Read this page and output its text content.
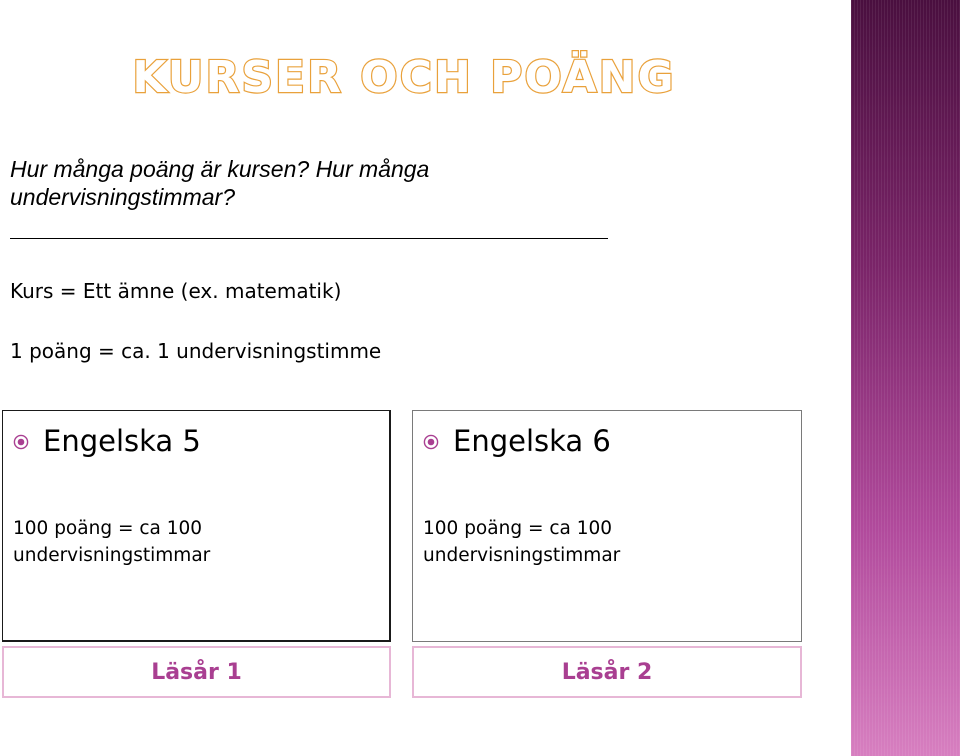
KURSER OCH POÄNG

Hur många poäng är kursen? Hur många undervisningstimmar?

Kurs = Ett ämne (ex. matematik)

1 poäng = ca. 1 undervisningstimme

Engelska 5

100 poäng = ca 100 undervisningstimmar

Engelska 6

100 poäng = ca 100 undervisningstimmar

Läsår 1	Läsår 2
